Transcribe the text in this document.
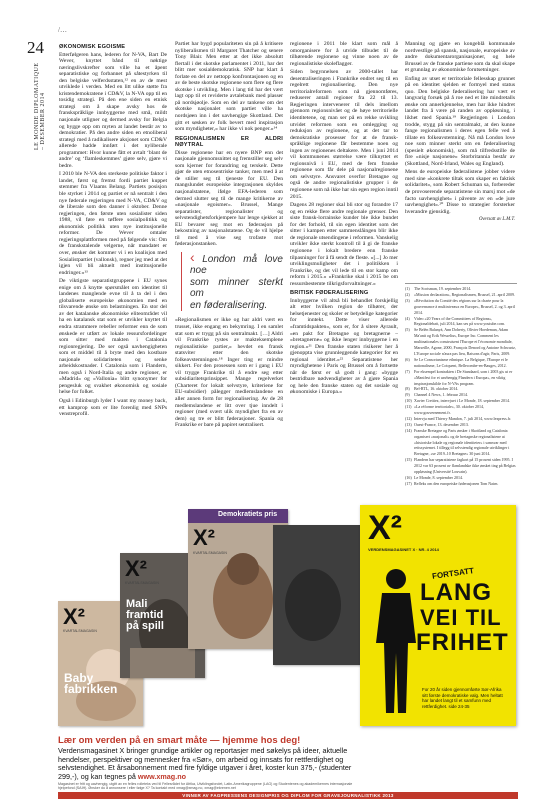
/…
24
LE MONDE DIPLOMATIQUE – DESEMBER 2014
ØKONOMISK EGOISME

Etterfølgeren hans, lederen for N-VA, Bart De Wever, knyttet bånd til nøktige næringslivskrefter som ville ha et åpent separatistiske og forbannet på såtestyrken til den belgiske velferdsstaten,¹² en av de mest utviklede i verden. Med en litt ulike støtte fra kristendemokratene i CD&V, la N-VA opp til en tosidig strategi. På den ene siden en etnisk strategi om å skape avsky hos de franskspråklige innbyggerne med små, mildt nasjonale utligner og dermed avsky for Belgia og bygge opp om myten at landet består av to demokratier. På den andre siden en etnoliberal strategi med å radikalisere aksjonet som CD&V allerede hadde innført i det nyliberale programmet: Hvor kunne fått et avtalt ‘blant de andre’ og ‘flamleskemmes’ gjøre selv, gjøre vi bedre.

I 2010 ble N-VA den sterkeste politiske faktor i landet, først og fremst fordi partiet kuppet stemmer fra Vlaams Belang. Partiets posisjon ble styrket i 2014 og partiet er nå sentralt i den nye føderale regjeringen med N-VA, CD&V og de liberale som den danner i oktober. Denne regjeringen, den første uten sosialister siden 1988, vil føre en tøffere sosialpolitikk og økonomisk politikk uten nye institusjonelle reformer. De Wever omtaler regjeringsplattformen med på følgende vis: Om de franskstalende velgerne, når mandatet er over, ønsker det kommer vi i en koalisjon med Sosialistpartiet (vallonsk), regner jeg med at det igjen vil bli aktuelt med institusjonelle endringer.»¹³

De viktigste separatistgruppene i EU synes enige om å knytte spørsmålet om identitet til landenes manglende evne til å ta del i den globaliserte europeiske økonomien med en tilsvarende ønske om belastningen. En stor del av det katalanske økonomiske eliteområdet vil ha en katalansk stat som er utvikler knyttet til endra strammere rebeller reformer enn de som ønskede er utført av lokale ressursfordelinger som sitter med makten i Catalonia regionregjering. De ser også uavhengigheten som et middel til å bryte med den kostbare nasjonale solidariteten og senke arbeidskostnader. I Catalonia som i Flandern, men også i Nord-Italia og andre regioner, er «Madrid» og «Vallonia» blitt synonymer for pengesluk og svakhet økonomisk og sosiale helse for folket.

Også i Edinburgh lyder I want my money back, ett kamprop som er lite forenlig med SNPs venstreprofil.

Partiet har bygd populariteten sin på å kritisere nyliberalismen til Margaret Thatcher og senere Tony Blair. Men etter at det ikke absolutt flertall i det skotske parlamentet i 2011, har det blitt mer sosialdemokratisk. SNP har klart å forlate en del av nettopp konfrontasjonen og en av de beste skotske regionene som flere og flere skotske i utvikling. Men i lang tid har det vært lagt opp til et reviderte avtalebank med plasser på nordsjøolje. Som en del av tankene om det skotske nasjonalet som partiet ville ha nordsjøen inn i det uavhengige Skottland. Det gitt et søsken av folk bevert med inspirasjon som myndigheter,» har ikke vi nok penger.»¹⁴

REGIONALISMEN ER ALDRI NØYTRAL

Disse regionene har en nyere BNP enn det nasjonale gjennomsnittet og fremstiller seg selv som kjerner for forandring og terskelr. Dette gjør de uten etnosentriske tanker, men med å at de stiller seg til tjeneste for EU. Den mangslundet europeiske integrasjonen skyldes nasjonalstatene, ifølge EFA-lederen som dermed slutter seg til de mange kritikerne av «nasjonale egoismer». Brussel, Mange separatister, regionalister og selvstendighetsforkjempere har lenge sjekket at EU bevarer seg mot en føderasjon på bekostning av nasjonalstatene. Og de vil hjelpe til med å vise seg trofaste mot føderasjonstanken.

‹ London må love noe
som minner sterkt om
en føderalisering.

«Regionalismen er ikke og har aldri vært en trusset, ikke engang en bekymring. I en samlet stat som er trygg på sin sentralmakt. […] Aldri vil Frankrike rystes av makteksemplene regionalistiske partier,» hevdet en fransk statsviter etter den skotske folkeavstemningen.¹⁸ Inger ting er mindre sikkert. For den prosessen som er i gang i EU vil trygge Frankrike til å endre seg etter subsidiaritetsprinsippet. Mange regelverket (Charteret for lokalt selvstyre, kriteriene for EU-subsidier) pålegger medlemslandene en aller annen form for regionalisering. Av de 28 medlemslandene er litt over tjue inndelt i regioner (med svært ulik myndighet fra en av dem) og tre er blitt føderasjoner. Spania og Frankrike er bare på papiret sentralisert.

regionene i 2011 ble klart som mål å omorganisere for å utvide tilbudet til de tilhørende regionene og vinne noen av de regionalistiske skoleflagger.

Siden begynnelsen av 2000-tallet har desentraliseringen i Frankrike endret seg til en regelrett regionalisering. Den nye territorialreformen som nå gjennomføres, reduserer antall regioner fra 22 til 13. Regjeringen intervenerer til dels imellom gjennom regionsnivået og de høye territorielle identitetene, og man ser på en rekke uvikling utvidet reformen som en omlegging og reduksjon av regionene, og at det tar to demokratiske prosesser for at de fransk-språklige regionene får bestemme noen og ingen av regionenes deltakere. Men i juni 2014 vil kommunenes størrelse være tilknyttet et regionsnivå i EU, med de fem franske regionene som får dele på nasjonalregionene om selvstyre. Ansvaret overfor Bretagne og også de andre regionalistiske grupper i de regionene som nå ikke har sin egen region inntil 2015.

Dagens 28 regioner skal bli stor og forandre 17 og en rekke flere andre regionale grenser. Den siste fransk-lorrainske kunder ble ikke bundet for det forhold, til sin egen identitet som det sitter i kampen etter sammenslåingen blir ikke de regionale utsendingene i reformen. Vanskelig utvikler ikke sterkt kontroll til å gi de franske regionene i lokalt bredere enn franske tilpasninger for å få sendt de fleste. «[...] Jo mer utviklingsmuligheter det i politikken i Frankrike, og det vil lede til en stor kamp om reform i 2015.» «Frankrike skal i 2015 be om ressursbestemte tilkrigsforvaltninger.»

BRITISK FØDERALISERING

Innbyggerne vil altså bli behandlet forskjellig alt etter hvilken region de tilhører, der helsetjenester og skoler er betydelige kategorier for inntekt. Dette viser allerede «framtidspakten», som er, for å sitere Ayrault, «en pakt for Bretagne og bretagnerne – «bretagnerne» og ikke lenger innbyggerne i en region.»²¹ Den franske staten risikerer her å gjenoppta vise grunnleggende kategorier for en regional identitet.»²² Separatistene her myndighetene i Paris og Brussel om å fortsette når de først er så godt i gang: «bygge bestridbare nødvendigheter av å gjøre Spania og hele den franske staten og det sosiale og økonomiske i Europa.»

Manning og gjøre en kongeblå kommunale nordvestlige på spansk, nasjonale, europeiske av andre dokumentarorganisasjoner, og hele Brussel av de franske partiene som da skal skape et grunnlag av økonomiske forutsetninger.

Enfing av utset er territoriale fellesskap grunnet på en identitet sjelden er formyel med status quo. Den belgiske føderalisering har vært et langvarig forsøk på å roe ned et lite mindretalls ønske om annerkjennelse, men har ikke hindret landet fra å være på randen av oppløsning, i likhet med Spania.¹⁹ Regjeringen i London trodde, stygg på sin sentralmakt, at den kunne fange regionalismen i deres egen felle ved å tillate en folkeavstemning. Nå må London love noe som minner sterkt om en føderalisering (spesielt økonomisk), som må tilfredsstille de fire «nisje nasjonene» Storbritannia består av (Skottland, Nord-Irland, Wales og England).

Mens de europeiske føderalistene jobber videre med sine «konkrete tiltak som skaper en faktisk solidaritet», som Robert Schuman sa, forbereder de provoserende separatistene sin marsj mot «de facto uavhengighet» i påvente av en «de jure uavhengighet».²⁰ Disse to strategier forsterker hverandre gjensidig.

Oversatt av L.M.T.
(1)	The Scotsman, 19. september 2014.
(2)	«Mission declaration», Regionalismen, Brussel, 21. april 2009.
(3)	«Révolution du Comité des régions sur la charte pour la gouvernance à multiniveaux en Europe», Brussel, 2. og 3. april 2014.
(4)	Video «20 Years of the Committees of Regions», Regionaldebatt, juli 2014, kan ses på www.youtube.com.
(5)	Se Belén Balanyá, Ann Doherty, Olivier Hoedeman, Adam Ma'anit og Erik Wesselius, Europe Inc. Comment les multinationales construisent l'Europe et l'économie mondiale, Marseille, Agone, 2000, François Denord og Antoine Schwartz, L'Europe sociale n'aura pas lieu, Raisons d'agir, Paris, 2009.
(6)	Se Le Consortanisme ethnique. La Belgique, l'Europe et le nationalisme, Le Cotquent, Bellecombe-en-Bauges, 2012.
(7)	For eksempel kontrakten i De Standaard, som i 2003 gis ut er «Manifest for et uavhengig Flandern i Europa», en viktig inspirasjonskilde for N-VAs program.
(8)	Bel-RTL, 16. oktober 2014.
(9)	Channel 4 News, 1. februar 2014.
(10) Xavier Crettiez, intervjuet i Le Monde, 18. september 2014.
(11) «La réforme territoriale», 30. oktober 2014, www.gouvernement.fr.
(12) Intervju med Thierry Mandon, 7. juli 2014, www.lexpress.fr.
(13) Ouest-France, 13. desember 2013.
(14) Franske Bretagne og Paris ønsker i Skottland og Catalonia organisert «nasjonalt» og de bretagnske regionalistene at «historiske lokale og regionale identiteter» i samsvar med rettssystemet. I tillegg til selvstendig regionale utviklinger i Bretagne, «se 2019–10 Bretagne» 30 juni 2014.
(15) Flandern har separatistene fagkort på 15 prosent siden 1995. I 2012 var 63 prosent av flamlandske ikke ønsket ting på Belgias oppløsning (Université Louvain).
(16) Le Monde, 8. september 2014.
(17) Refleks om den europeiske føderasjonen Tom Nairn.
X²
KVARTALSMAGASIN
Baby
fabrikken
X²
KVARTALSMAGASIN
Mali
framtid
på spill
Demokratiets pris
X²
KVARTALSMAGASIN
X²
VERDENSMAGASINET X · NR. 4 2014
FORTSATT
LANG
VEI TIL
FRIHET
For 20 år siden gjennomførte Sør-Afrika sitt første demokratiske valg. Men heltatt har landet langt til et samfunn med rettferdighet. side 24-35
Lær om verden på en smart måte — hjemme hos deg!
Verdensmagasinet X bringer grundige artikler og reportasjer med søkelys på ideer, aktuelle hendelser, perspektiver og mennesker fra «Sør», om arbeid og innsats for rettferdighet og selvstendighet. Et årsabonnement med fire fyldige utgaver i året, koster kun 375,- (studenter 299,-), og kan tegnes på www.xmag.no
Magasinet er fritt og uavhengig, utgitt av en felles rolleteks ved til Fellesrådet for Afrika, Utviklingsfondet, Latin-Amerikagruppene (LAG) og Studentenes og akademikernes internasjonale hjelpefond (SAIH). Ønsker du å annonsere i eller følge X? Ta kontakt med xmag@xmag.no, xmag@ekrenen.net
VINNER AV FAGPRESSENS DESIGNPRIS OG DIPLOM FOR GRAVEJOURNALISTIKK 2013
